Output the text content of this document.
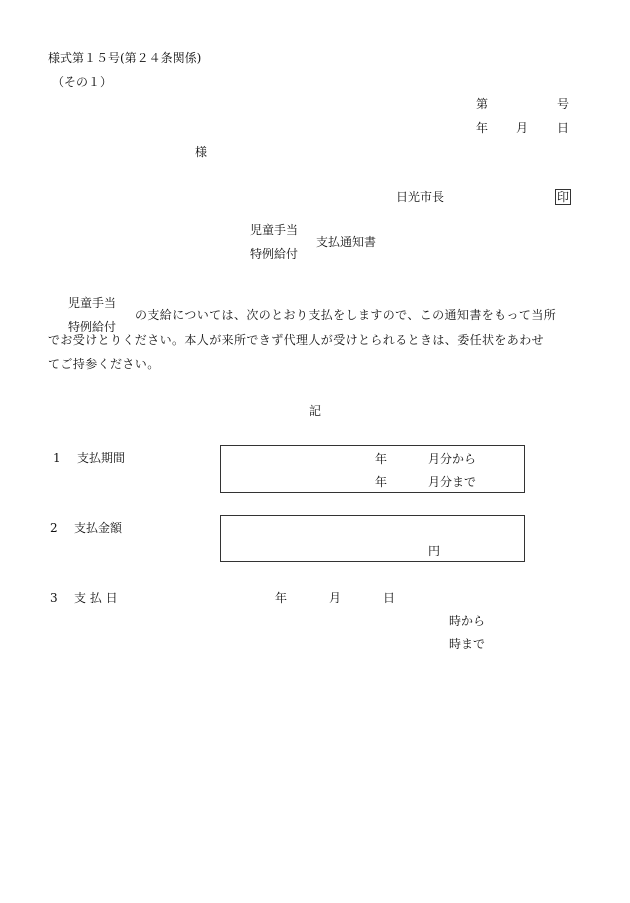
様式第１５号(第２４条関係)
（その１）
第	号
年 月 日
様
日光市長	印
児童手当
特例給付
支払通知書
児童手当
特例給付
の支給については、次のとおり支払をしますので、この通知書をもって当所
でお受けとりください。本人が来所できず代理人が受けとられるときは、委任状をあわせ
てご持参ください。
記
1 支払期間	年	月分から
年	月分まで
2 支払金額
円
3 支 払 日	年	月	日
時から
時まで
